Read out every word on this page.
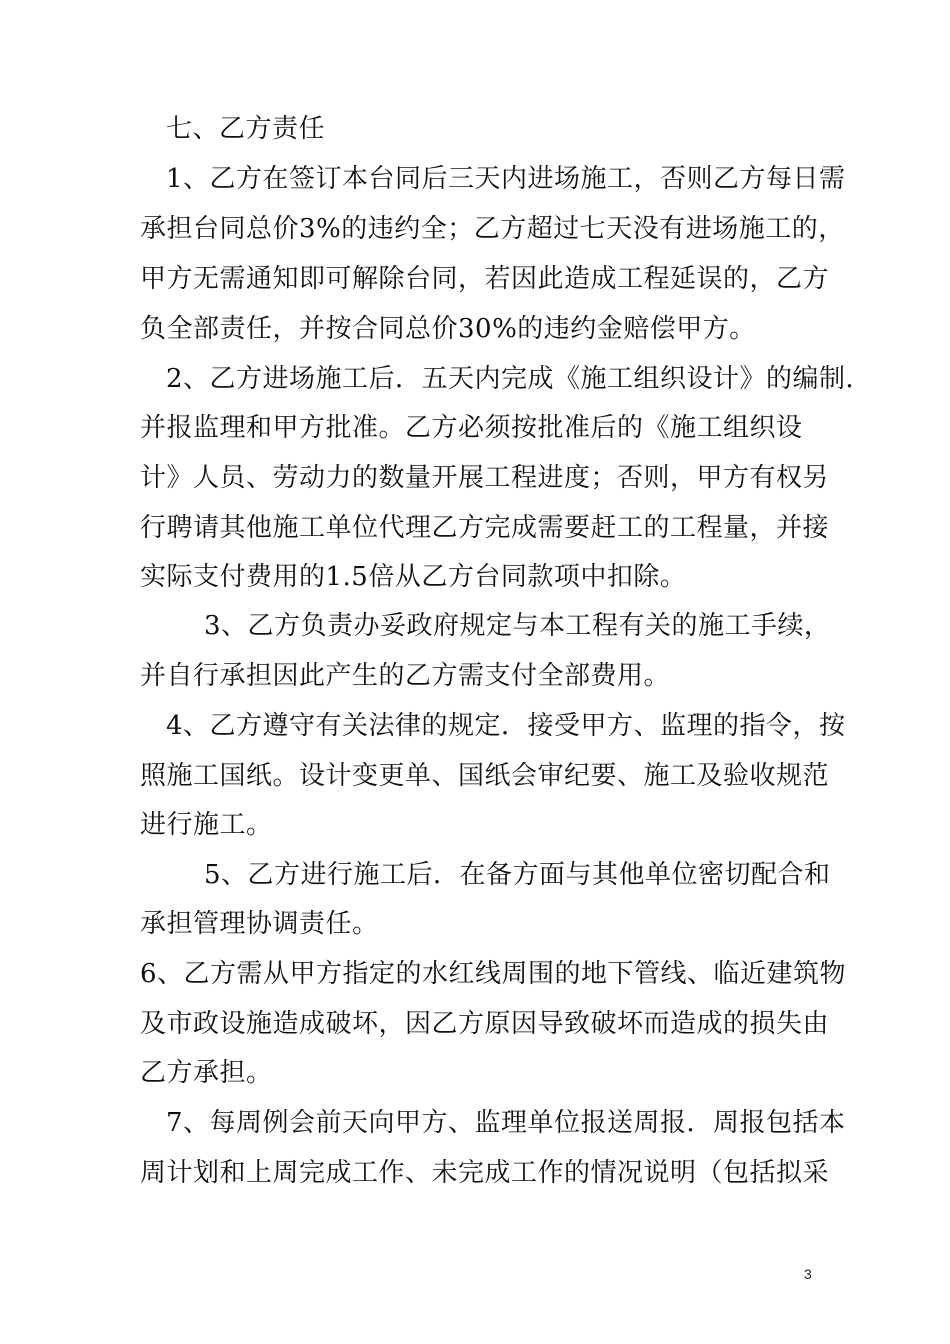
七、乙方责任
1、乙方在签订本台同后三天内进场施工，否则乙方每日需
承担台同总价3%的违约全；乙方超过七天没有进场施工的，
甲方无需通知即可解除台同，若因此造成工程延误的，乙方
负全部责任，并按合同总价30%的违约金赔偿甲方。
2、乙方进场施工后．五天内完成《施工组织设计》的编制．
并报监理和甲方批准。乙方必须按批准后的《施工组织设
计》人员、劳动力的数量开展工程进度；否则，甲方有权另
行聘请其他施工单位代理乙方完成需要赶工的工程量，并接
实际支付费用的1.5倍从乙方台同款项中扣除。
3、乙方负责办妥政府规定与本工程有关的施工手续，
并自行承担因此产生的乙方需支付全部费用。
4、乙方遵守有关法律的规定．接受甲方、监理的指令，按
照施工国纸。设计变更单、国纸会审纪要、施工及验收规范
进行施工。
5、乙方进行施工后．在备方面与其他单位密切配合和
承担管理协调责任。
6、乙方需从甲方指定的水红线周围的地下管线、临近建筑物
及市政设施造成破坏，因乙方原因导致破坏而造成的损失由
乙方承担。
7、每周例会前天向甲方、监理单位报送周报．周报包括本
周计划和上周完成工作、未完成工作的情况说明（包括拟采
3
